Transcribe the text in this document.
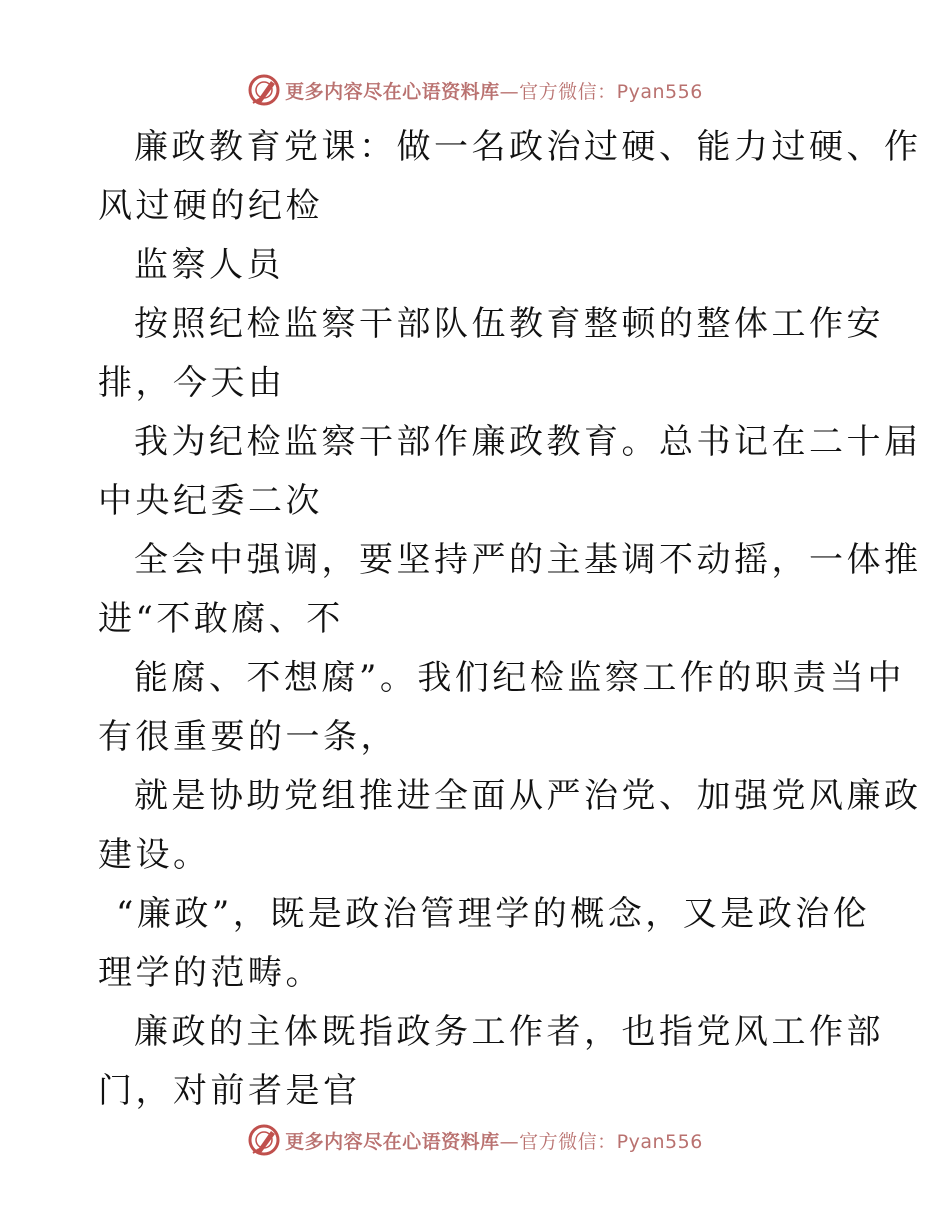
更多内容尽在心语资料库—官方微信：Pyan556
廉政教育党课：做一名政治过硬、能力过硬、作
风过硬的纪检
监察人员
按照纪检监察干部队伍教育整顿的整体工作安
排，今天由
我为纪检监察干部作廉政教育。总书记在二十届
中央纪委二次
全会中强调，要坚持严的主基调不动摇，一体推
进“不敢腐、不
能腐、不想腐”。我们纪检监察工作的职责当中
有很重要的一条，
就是协助党组推进全面从严治党、加强党风廉政
建设。
“廉政”，既是政治管理学的概念，又是政治伦
理学的范畴。
廉政的主体既指政务工作者，也指党风工作部
门，对前者是官
更多内容尽在心语资料库—官方微信：Pyan556
